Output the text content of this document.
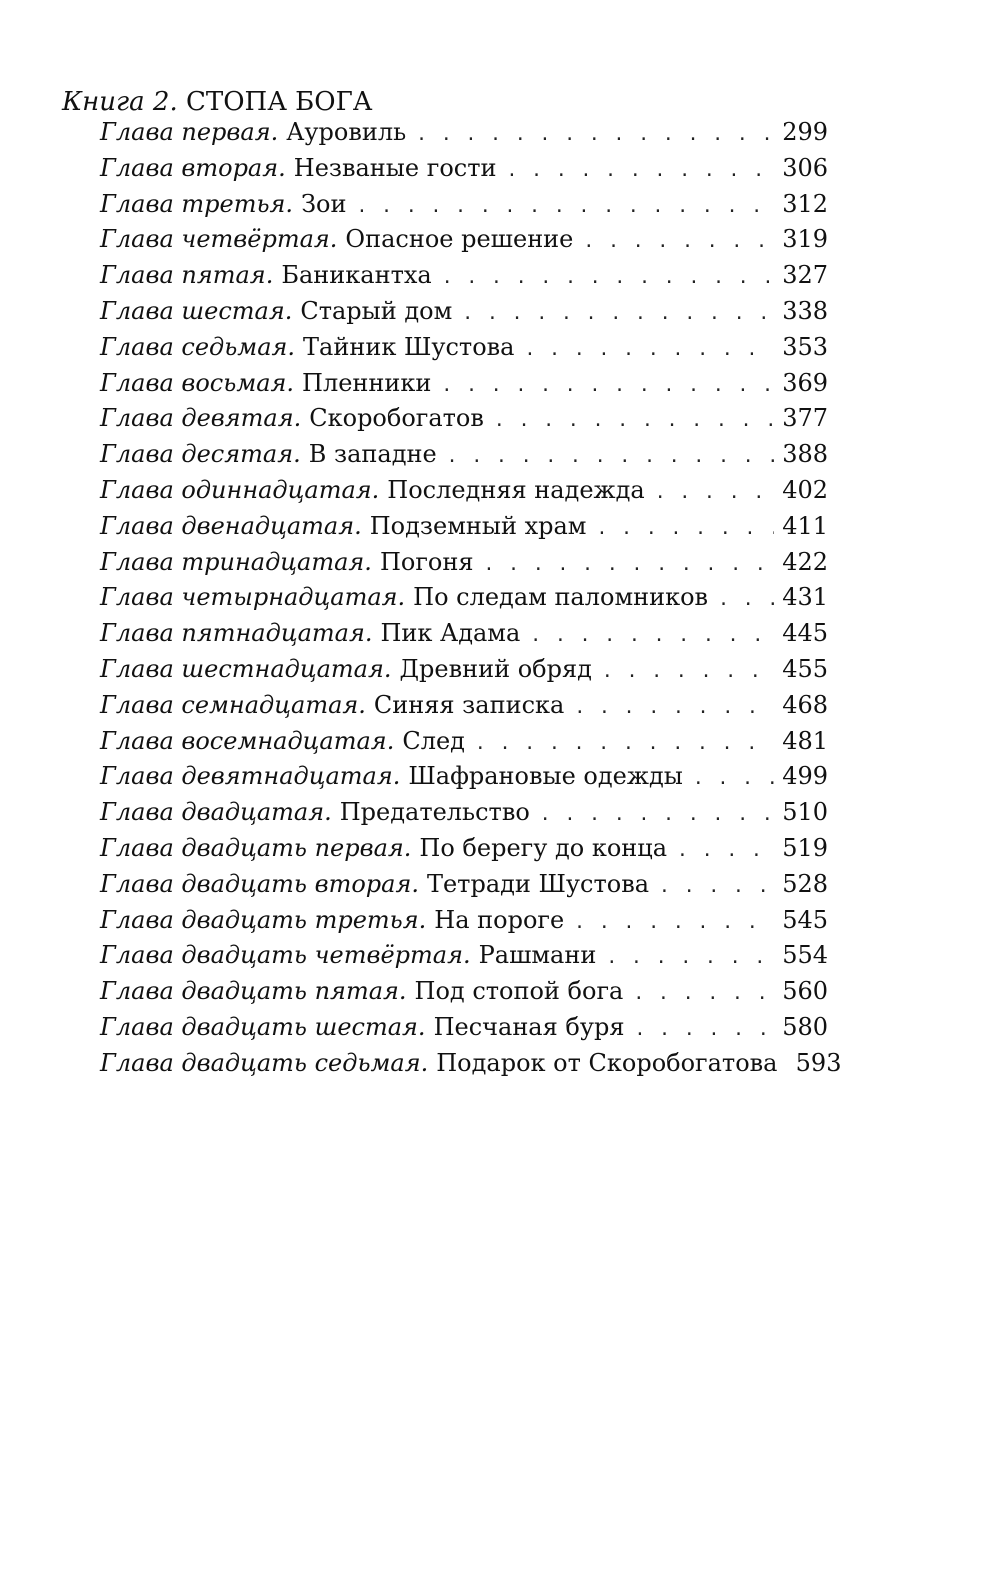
Книга 2. СТОПА БОГА
Глава первая. Ауровиль . . .	299
Глава вторая. Незваные гости . . .	306
Глава третья. Зои . . .	312
Глава четвёртая. Опасное решение . . .	319
Глава пятая. Баникантха . . .	327
Глава шестая. Старый дом . . .	338
Глава седьмая. Тайник Шустова . . .	353
Глава восьмая. Пленники . . .	369
Глава девятая. Скоробогатов . . .	377
Глава десятая. В западне . . .	388
Глава одиннадцатая. Последняя надежда . . .	402
Глава двенадцатая. Подземный храм . . .	411
Глава тринадцатая. Погоня . . .	422
Глава четырнадцатая. По следам паломников . . .	431
Глава пятнадцатая. Пик Адама . . .	445
Глава шестнадцатая. Древний обряд . . .	455
Глава семнадцатая. Синяя записка . . .	468
Глава восемнадцатая. След . . .	481
Глава девятнадцатая. Шафрановые одежды . . .	499
Глава двадцатая. Предательство . . .	510
Глава двадцать первая. По берегу до конца . . .	519
Глава двадцать вторая. Тетради Шустова . . .	528
Глава двадцать третья. На пороге . . .	545
Глава двадцать четвёртая. Рашмани . . .	554
Глава двадцать пятая. Под стопой бога . . .	560
Глава двадцать шестая. Песчаная буря . . .	580
Глава двадцать седьмая. Подарок от Скоробогатова 593
